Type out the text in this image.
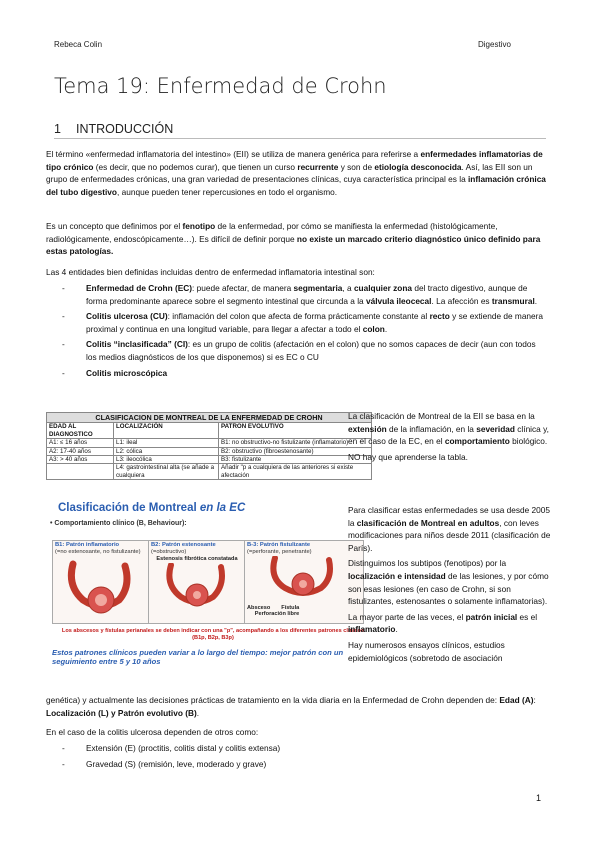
Rebeca Colin	Digestivo
Tema 19: Enfermedad de Crohn
1 INTRODUCCIÓN

El término «enfermedad inflamatoria del intestino» (EII) se utiliza de manera genérica para referirse a enfermedades inflamatorias de tipo crónico (es decir, que no podemos curar), que tienen un curso recurrente y son de etiología desconocida. Así, las EII son un grupo de enfermedades crónicas, una gran variedad de presentaciones clínicas, cuya característica principal es la inflamación crónica del tubo digestivo, aunque pueden tener repercusiones en todo el organismo.

Es un concepto que definimos por el fenotipo de la enfermedad, por cómo se manifiesta la enfermedad (histológicamente, radiológicamente, endoscópicamente…). Es difícil de definir porque no existe un marcado criterio diagnóstico único definido para estas patologías.

Las 4 entidades bien definidas incluidas dentro de enfermedad inflamatoria intestinal son:

- Enfermedad de Crohn (EC): puede afectar, de manera segmentaria, a cualquier zona del tracto digestivo, aunque de forma predominante aparece sobre el segmento intestinal que circunda a la válvula ileocecal. La afección es transmural.
- Colitis ulcerosa (CU): inflamación del colon que afecta de forma prácticamente constante al recto y se extiende de manera proximal y continua en una longitud variable, para llegar a afectar a todo el colon.
- Colitis “inclasificada” (CI): es un grupo de colitis (afectación en el colon) que no somos capaces de decir (aun con todos los medios diagnósticos de los que disponemos) si es EC o CU
- Colitis microscópica
CLASIFICACION DE MONTREAL DE LA ENFERMEDAD DE CROHN
EDAD AL DIAGNOSTICO	LOCALIZACIÓN	PATRON EVOLUTIVO
A1: ≤ 16 años	L1: ileal	B1: no obstructivo-no fistulizante (inflamatorio)
A2: 17-40 años	L2: cólica	B2: obstructivo (fibroestenosante)
A3: > 40 años	L3: ileocólica	B3: fistulizante
	L4: gastrointestinal alta (se añade a cualquiera	Añadir "p a cualquiera de las anteriores si existe afectación
Clasificación de Montreal en la EC
• Comportamiento clínico (B, Behaviour):
B1: Patrón inflamatorio
(=no estenosante, no fistulizante)
B2: Patrón estenosante
(=obstructivo)
Estenosis fibrótica constatada
B-3: Patrón fistulizante
(=perforante, penetrante)
Absceso Fístula
Perforación libre
Los abscesos y fístulas perianales se deben indicar con una "p", acompañando a los diferentes patrones clínicos (B1p, B2p, B3p)
Estos patrones clínicos pueden variar a lo largo del tiempo: mejor patrón con un seguimiento entre 5 y 10 años

La clasificación de Montreal de la EII se basa en la extensión de la inflamación, en la severidad clínica y, en el caso de la EC, en el comportamiento biológico.

NO hay que aprenderse la tabla.

Para clasificar estas enfermedades se usa desde 2005 la clasificación de Montreal en adultos, con leves modificaciones para niños desde 2011 (clasificación de París).

Distinguimos los subtipos (fenotipos) por la localización e intensidad de las lesiones, y por cómo son esas lesiones (en caso de Crohn, si son fistulizantes, estenosantes o solamente inflamatorias).

La mayor parte de las veces, el patrón inicial es el inflamatorio.

Hay numerosos ensayos clínicos, estudios epidemiológicos (sobretodo de asociación

genética) y actualmente las decisiones prácticas de tratamiento en la vida diaria en la Enfermedad de Crohn dependen de: Edad (A): Localización (L) y Patrón evolutivo (B).

En el caso de la colitis ulcerosa dependen de otros como:

- Extensión (E) (proctitis, colitis distal y colitis extensa)
- Gravedad (S) (remisión, leve, moderado y grave)
1
